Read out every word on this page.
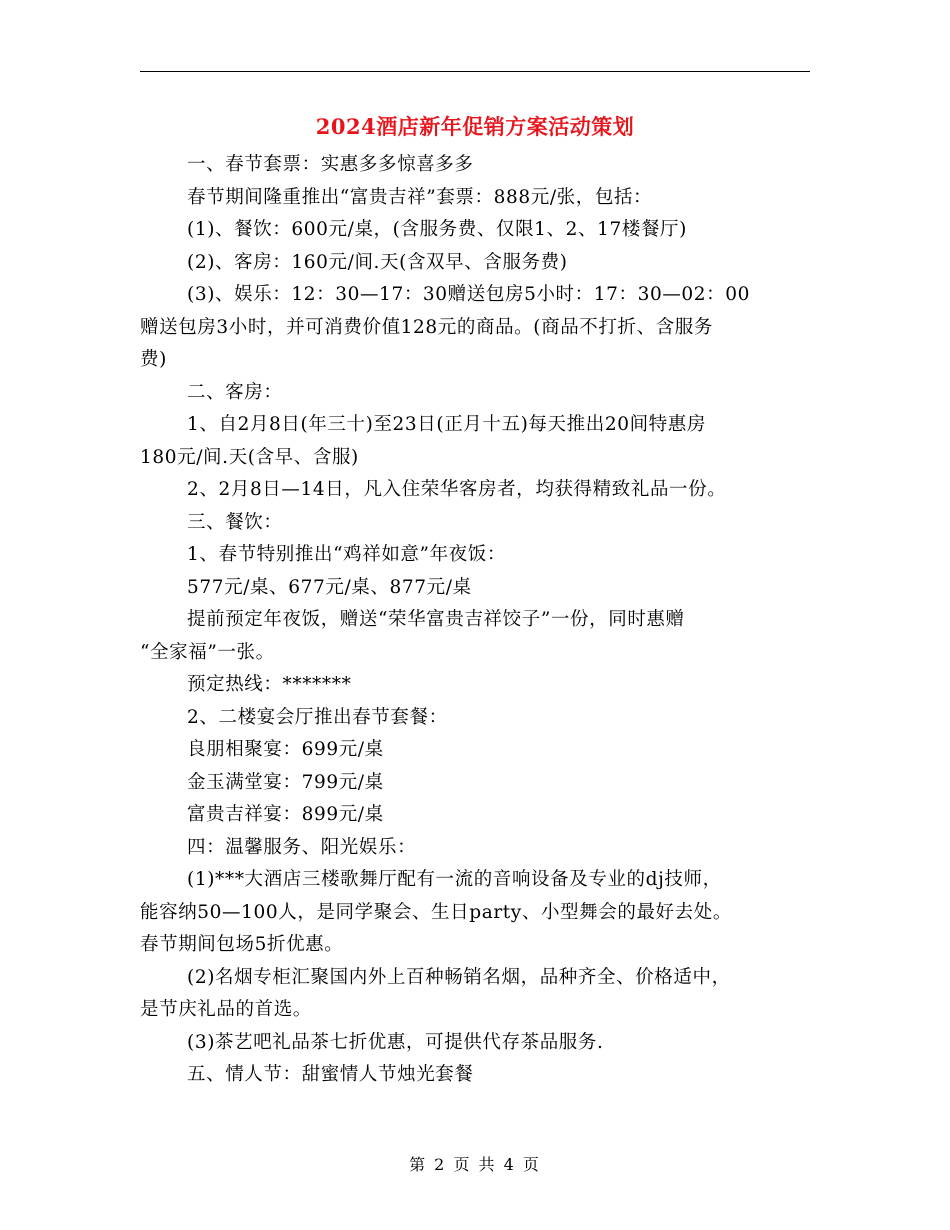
2024酒店新年促销方案活动策划

一、春节套票：实惠多多惊喜多多

春节期间隆重推出“富贵吉祥”套票：888元/张，包括：

(1)、餐饮：600元/桌，(含服务费、仅限1、2、17楼餐厅)

(2)、客房：160元/间.天(含双早、含服务费)

(3)、娱乐：12：30—17：30赠送包房5小时：17：30—02：00

赠送包房3小时，并可消费价值128元的商品。(商品不打折、含服务

费)

二、客房：

1、自2月8日(年三十)至23日(正月十五)每天推出20间特惠房

180元/间.天(含早、含服)

2、2月8日—14日，凡入住荣华客房者，均获得精致礼品一份。

三、餐饮：

1、春节特别推出“鸡祥如意”年夜饭：

577元/桌、677元/桌、877元/桌

提前预定年夜饭，赠送“荣华富贵吉祥饺子”一份，同时惠赠

“全家福”一张。

预定热线：*******

2、二楼宴会厅推出春节套餐：

良朋相聚宴：699元/桌

金玉满堂宴：799元/桌

富贵吉祥宴：899元/桌

四：温馨服务、阳光娱乐：

(1)***大酒店三楼歌舞厅配有一流的音响设备及专业的dj技师，

能容纳50—100人，是同学聚会、生日party、小型舞会的最好去处。

春节期间包场5折优惠。

(2)名烟专柜汇聚国内外上百种畅销名烟，品种齐全、价格适中，

是节庆礼品的首选。

(3)茶艺吧礼品茶七折优惠，可提供代存茶品服务.

五、情人节：甜蜜情人节烛光套餐

第 2 页 共 4 页
